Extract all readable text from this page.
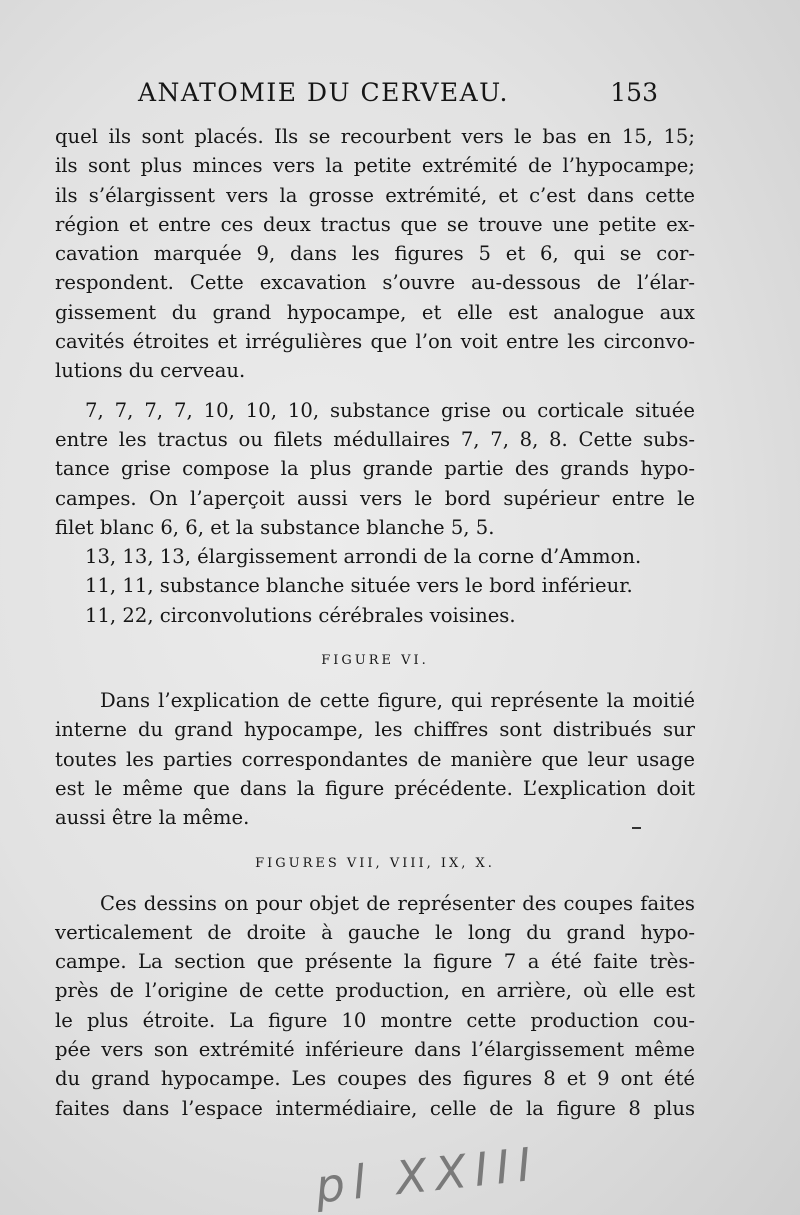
ANATOMIE DU CERVEAU.	153
quel ils sont placés. Ils se recourbent vers le bas en 15, 15;
ils sont plus minces vers la petite extrémité de l’hypocampe;
ils s’élargissent vers la grosse extrémité, et c’est dans cette
région et entre ces deux tractus que se trouve une petite ex-
cavation marquée 9, dans les figures 5 et 6, qui se cor-
respondent. Cette excavation s’ouvre au-dessous de l’élar-
gissement du grand hypocampe, et elle est analogue aux
cavités étroites et irrégulières que l’on voit entre les circonvo-
lutions du cerveau.
7, 7, 7, 7, 10, 10, 10, substance grise ou corticale située
entre les tractus ou filets médullaires 7, 7, 8, 8. Cette subs-
tance grise compose la plus grande partie des grands hypo-
campes. On l’aperçoit aussi vers le bord supérieur entre le
filet blanc 6, 6, et la substance blanche 5, 5.
13, 13, 13, élargissement arrondi de la corne d’Ammon.
11, 11, substance blanche située vers le bord inférieur.
11, 22, circonvolutions cérébrales voisines.
FIGURE VI.
Dans l’explication de cette figure, qui représente la moitié
interne du grand hypocampe, les chiffres sont distribués sur
toutes les parties correspondantes de manière que leur usage
est le même que dans la figure précédente. L’explication doit
aussi être la même.
FIGURES VII, VIII, IX, X.
Ces dessins on pour objet de représenter des coupes faites
verticalement de droite à gauche le long du grand hypo-
campe. La section que présente la figure 7 a été faite très-
près de l’origine de cette production, en arrière, où elle est
le plus étroite. La figure 10 montre cette production cou-
pée vers son extrémité inférieure dans l’élargissement même
du grand hypocampe. Les coupes des figures 8 et 9 ont été
faites dans l’espace intermédiaire, celle de la figure 8 plus
pl XXIII
